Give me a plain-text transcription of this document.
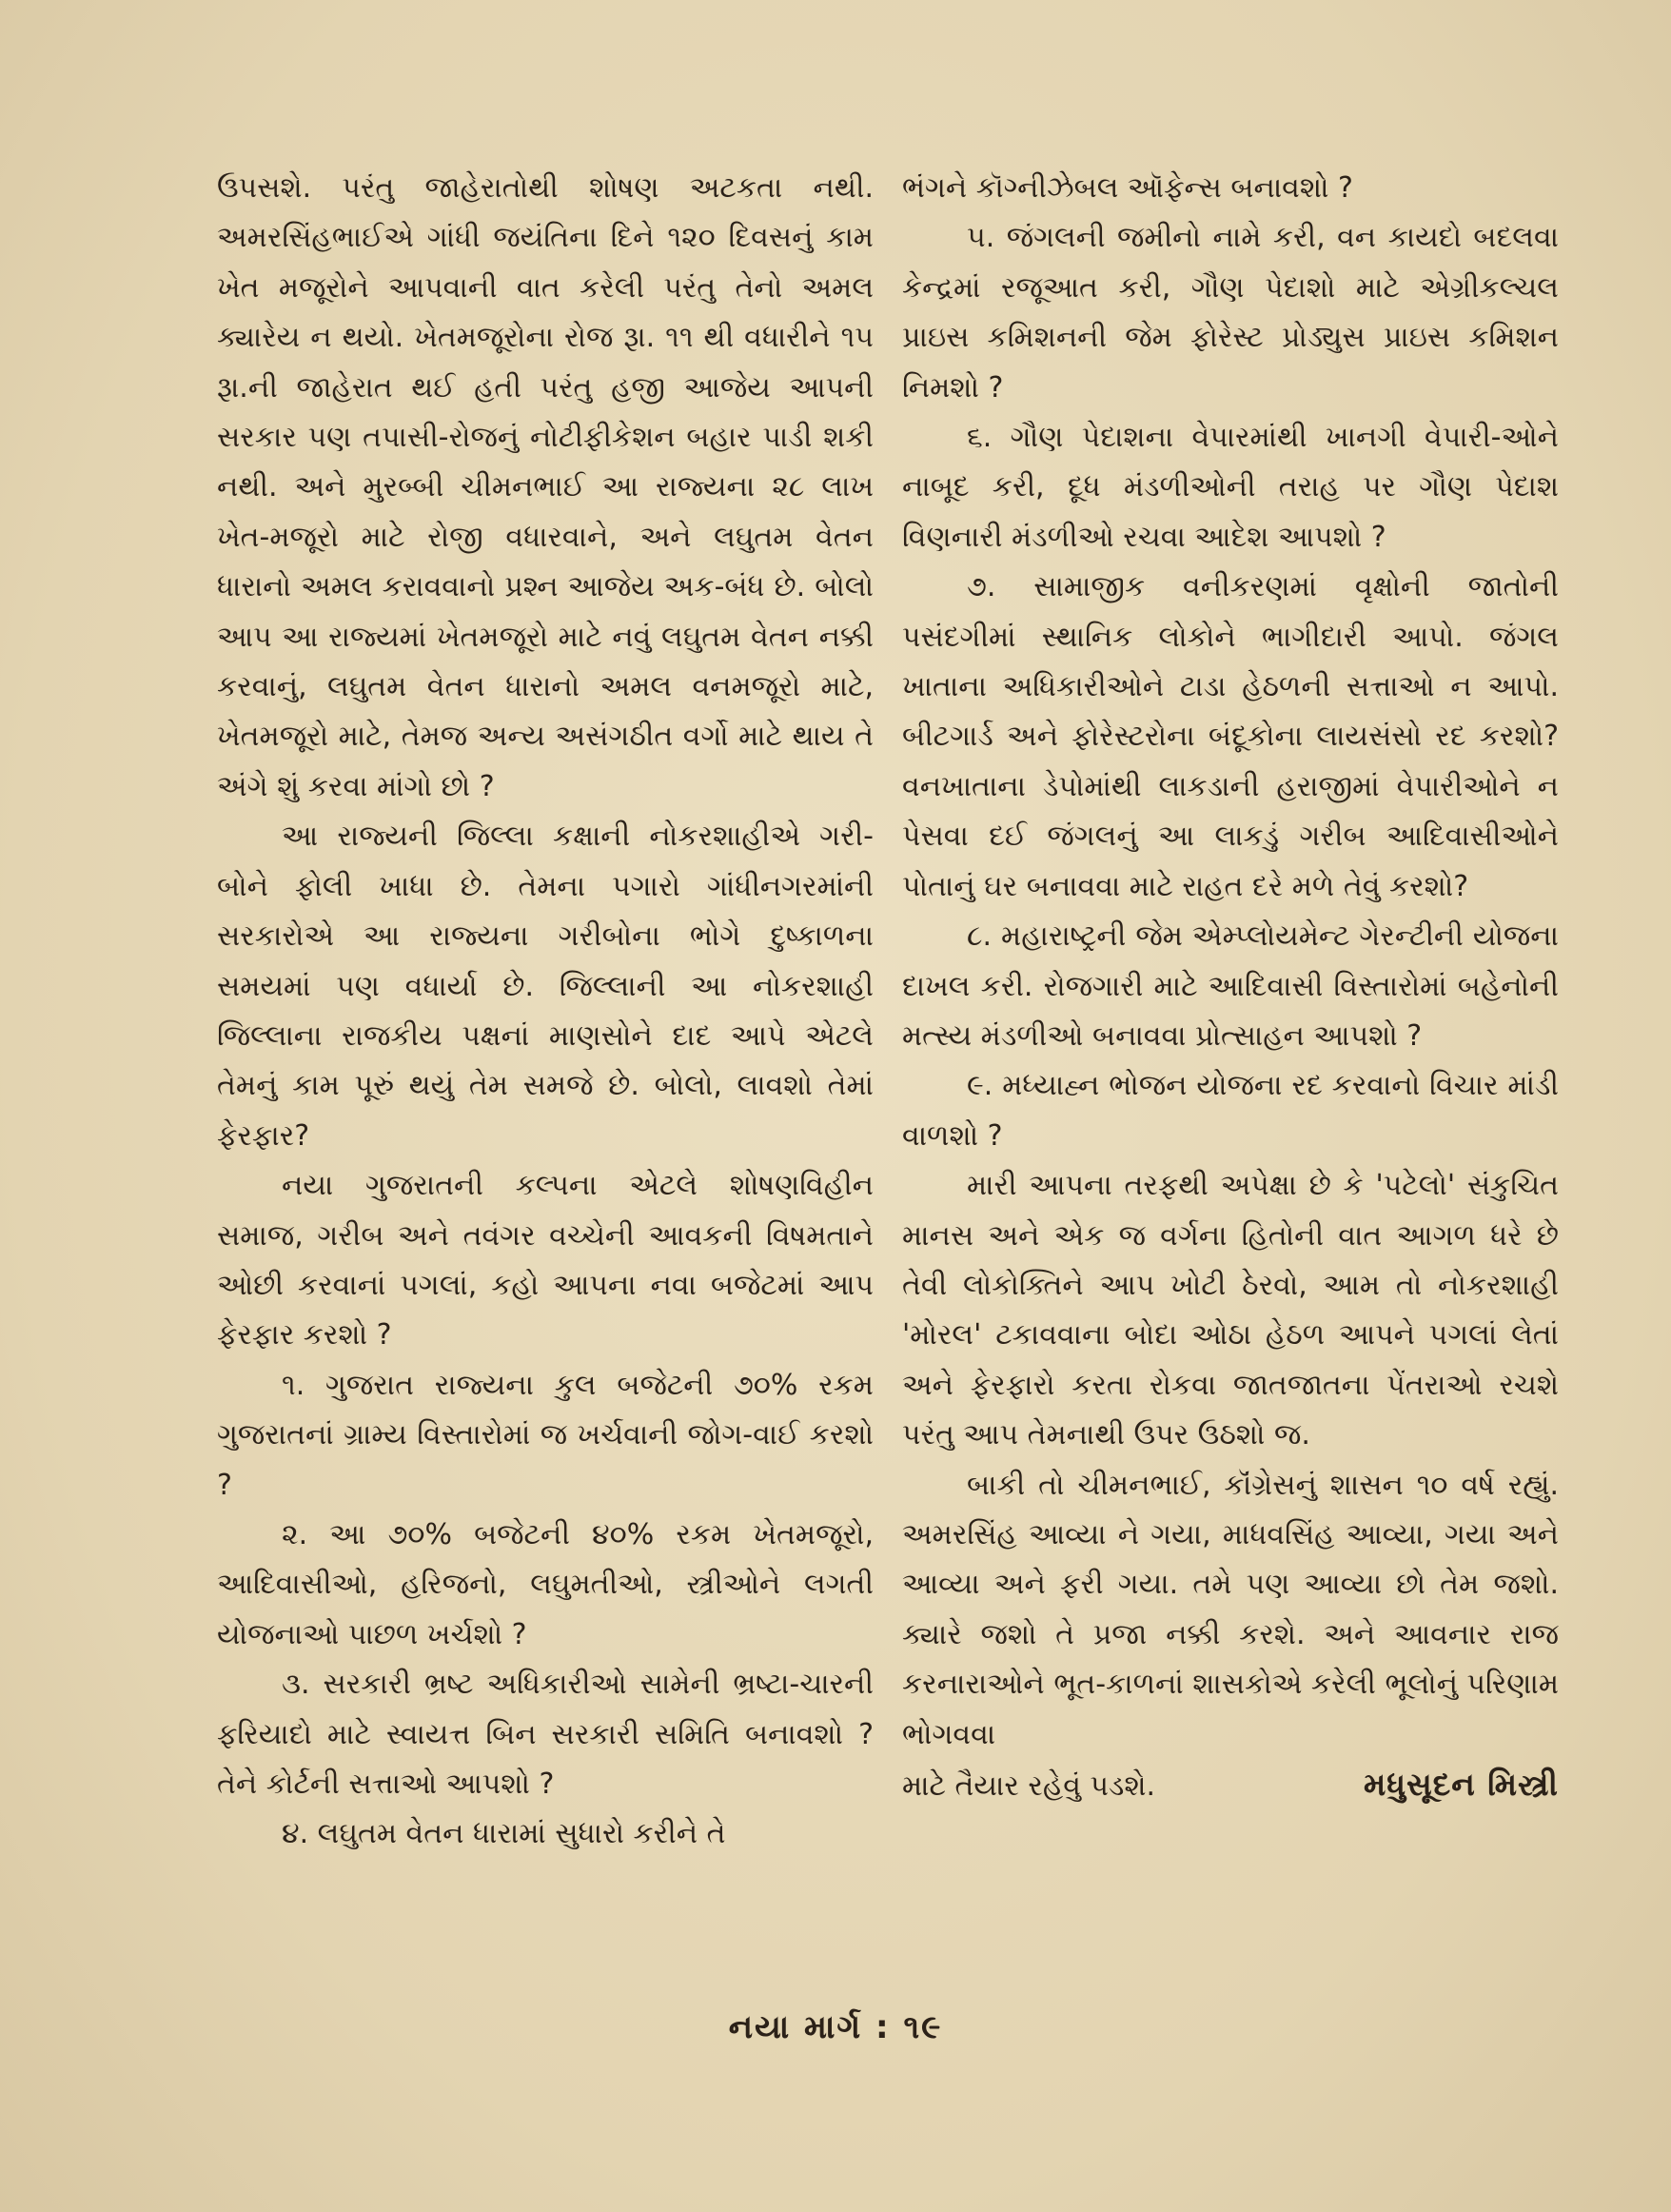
ઉપસશે. પરંતુ જાહેરાતોથી શોષણ અટકતા નથી. અમરસિંહભાઈએ ગાંધી જયંતિના દિને ૧૨૦ દિવસનું કામ ખેત મજૂરોને આપવાની વાત કરેલી પરંતુ તેનો અમલ ક્યારેય ન થયો. ખેતમજૂરોના રોજ રૂા. ૧૧ થી વધારીને ૧૫ રૂા.ની જાહેરાત થઈ હતી પરંતુ હજી આજેય આપની સરકાર પણ તપાસી-રોજનું નોટીફીકેશન બહાર પાડી શકી નથી. અને મુરબ્બી ચીમનભાઈ આ રાજ્યના ૨૮ લાખ ખેત-મજૂરો માટે રોજી વધારવાને, અને લઘુતમ વેતન ધારાનો અમલ કરાવવાનો પ્રશ્ન આજેય અક-બંધ છે. બોલો આપ આ રાજ્યમાં ખેતમજૂરો માટે નવું લઘુતમ વેતન નક્કી કરવાનું, લઘુતમ વેતન ધારાનો અમલ વનમજૂરો માટે, ખેતમજૂરો માટે, તેમજ અન્ય અસંગઠીત વર્ગો માટે થાય તે અંગે શું કરવા માંગો છો ?

આ રાજ્યની જિલ્લા કક્ષાની નોકરશાહીએ ગરી-બોને ફોલી ખાધા છે. તેમના પગારો ગાંધીનગરમાંની સરકારોએ આ રાજ્યના ગરીબોના ભોગે દુષ્કાળના સમયમાં પણ વધાર્યા છે. જિલ્લાની આ નોકરશાહી જિલ્લાના રાજકીય પક્ષનાં માણસોને દાદ આપે એટલે તેમનું કામ પૂરું થયું તેમ સમજે છે. બોલો, લાવશો તેમાં ફેરફાર?

નયા ગુજરાતની કલ્પના એટલે શોષણવિહીન સમાજ, ગરીબ અને તવંગર વચ્ચેની આવકની વિષમતાને ઓછી કરવાનાં પગલાં, કહો આપના નવા બજેટમાં આપ ફેરફાર કરશો ?

૧. ગુજરાત રાજ્યના કુલ બજેટની ૭૦% રકમ ગુજરાતનાં ગ્રામ્ય વિસ્તારોમાં જ ખર્ચવાની જોગ-વાઈ કરશો ?

૨. આ ૭૦% બજેટની ૪૦% રકમ ખેતમજૂરો, આદિવાસીઓ, હરિજનો, લઘુમતીઓ, સ્ત્રીઓને લગતી યોજનાઓ પાછળ ખર્ચશો ?

૩. સરકારી ભ્રષ્ટ અધિકારીઓ સામેની ભ્રષ્ટા-ચારની ફરિયાદો માટે સ્વાયત્ત બિન સરકારી સમિતિ બનાવશો ? તેને કોર્ટની સત્તાઓ આપશો ?

૪. લઘુતમ વેતન ધારામાં સુધારો કરીને તે

ભંગને કૉગ્નીઝેબલ ઑફેન્સ બનાવશો ?

૫. જંગલની જમીનો નામે કરી, વન કાયદો બદલવા કેન્દ્રમાં રજૂઆત કરી, ગૌણ પેદાશો માટે એગ્રીકલ્ચલ પ્રાઇસ કમિશનની જેમ ફોરેસ્ટ પ્રોડ્યુસ પ્રાઇસ કમિશન નિમશો ?

૬. ગૌણ પેદાશના વેપારમાંથી ખાનગી વેપારી-ઓને નાબૂદ કરી, દૂધ મંડળીઓની તરાહ પર ગૌણ પેદાશ વિણનારી મંડળીઓ રચવા આદેશ આપશો ?

૭. સામાજીક વનીકરણમાં વૃક્ષોની જાતોની પસંદગીમાં સ્થાનિક લોકોને ભાગીદારી આપો. જંગલ ખાતાના અધિકારીઓને ટાડા હેઠળની સત્તાઓ ન આપો. બીટગાર્ડ અને ફોરેસ્ટરોના બંદૂકોના લાયસંસો રદ કરશો? વનખાતાના ડેપોમાંથી લાકડાની હરાજીમાં વેપારીઓને ન પેસવા દઈ જંગલનું આ લાકડું ગરીબ આદિવાસીઓને પોતાનું ઘર બનાવવા માટે રાહત દરે મળે તેવું કરશો?

૮. મહારાષ્ટ્રની જેમ એમ્પ્લોયમેન્ટ ગેરન્ટીની યોજના દાખલ કરી. રોજગારી માટે આદિવાસી વિસ્તારોમાં બહેનોની મત્સ્ય મંડળીઓ બનાવવા પ્રોત્સાહન આપશો ?

૯. મધ્યાહ્ન ભોજન યોજના રદ કરવાનો વિચાર માંડી વાળશો ?

મારી આપના તરફથી અપેક્ષા છે કે 'પટેલો' સંકુચિત માનસ અને એક જ વર્ગના હિતોની વાત આગળ ધરે છે તેવી લોકોક્તિને આપ ખોટી ઠેરવો, આમ તો નોકરશાહી 'મોરલ' ટકાવવાના બોદા ઓઠા હેઠળ આપને પગલાં લેતાં અને ફેરફારો કરતા રોકવા જાતજાતના પેંતરાઓ રચશે પરંતુ આપ તેમનાથી ઉપર ઉઠશો જ.

બાકી તો ચીમનભાઈ, કૉંગ્રેસનું શાસન ૧૦ વર્ષ રહ્યું. અમરસિંહ આવ્યા ને ગયા, માધવસિંહ આવ્યા, ગયા અને આવ્યા અને ફરી ગયા. તમે પણ આવ્યા છો તેમ જશો. ક્યારે જશો તે પ્રજા નક્કી કરશે. અને આવનાર રાજ કરનારાઓને ભૂત-કાળનાં શાસકોએ કરેલી ભૂલોનું પરિણામ ભોગવવા

માટે તૈયાર રહેવું પડશે.	મધુસૂદન મિસ્ત્રી
નયા માર્ગ : ૧૯
